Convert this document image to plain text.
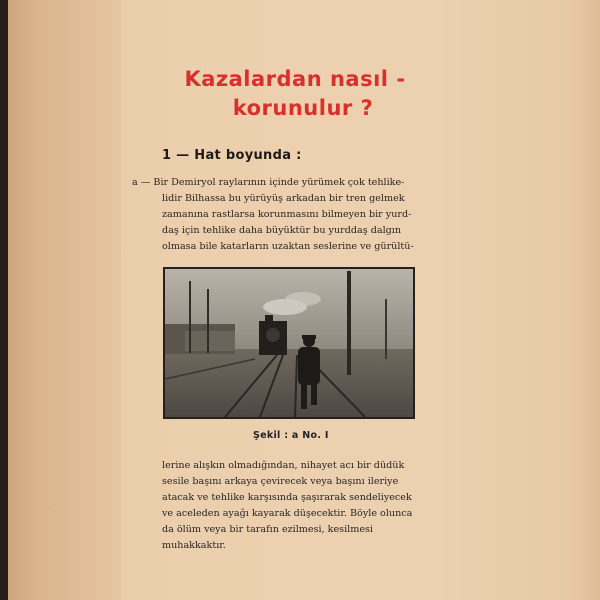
Kazalardan nasıl -
korunulur ?
1 — Hat boyunda :
a — Bir Demiryol raylarının içinde yürümek çok tehlike-
lidir Bilhassa bu yürüyüş arkadan bir tren gelmek
zamanına rastlarsa korunmasını bilmeyen bir yurd-
daş için tehlike daha büyüktür bu yurddaş dalgın
olmasa bile katarların uzaktan seslerine ve gürültü-
Şekil : a No. I
lerine alışkın olmadığından, nihayet acı bir düdük
sesile başını arkaya çevirecek veya başını ileriye
atacak ve tehlike karşısında şaşırarak sendeliyecek
ve aceleden ayağı kayarak düşecektir. Böyle olunca
da ölüm veya bir tarafın ezilmesi, kesilmesi
muhakkaktır.
